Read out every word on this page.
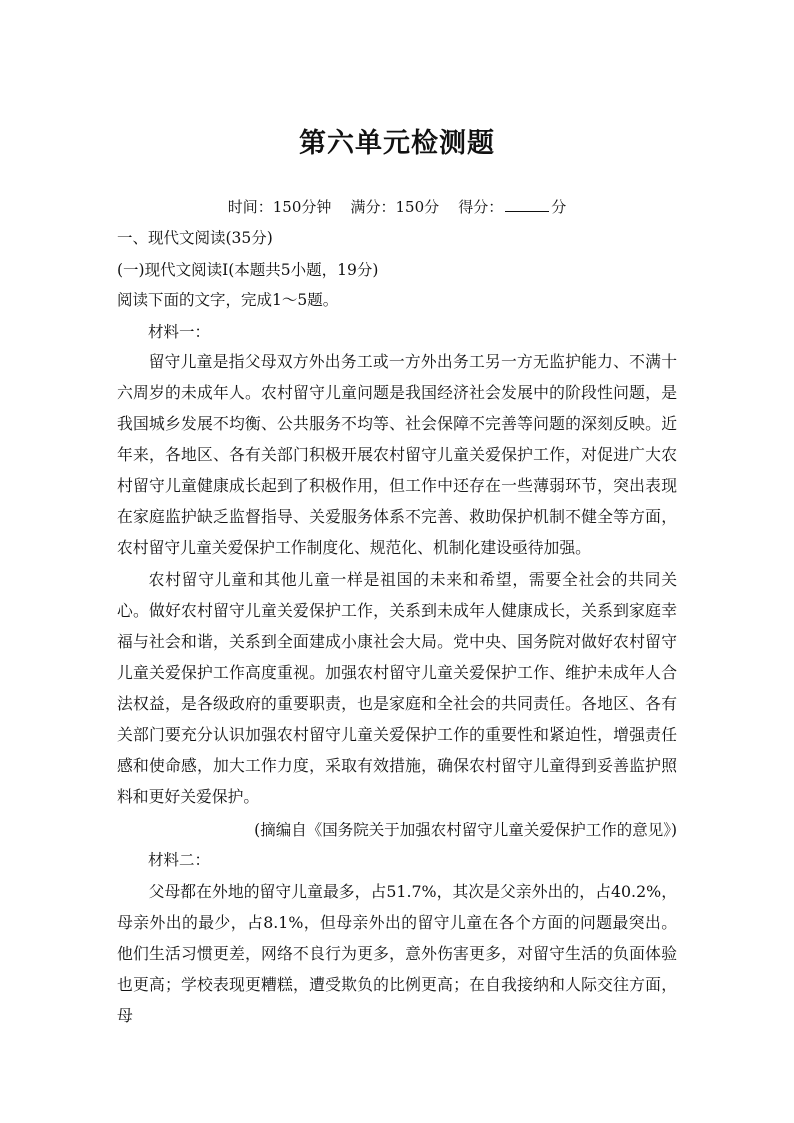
第六单元检测题
时间：150分钟 满分：150分 得分：	分
一、现代文阅读(35分)
(一)现代文阅读Ⅰ(本题共5小题，19分)
阅读下面的文字，完成1～5题。
材料一：

留守儿童是指父母双方外出务工或一方外出务工另一方无监护能力、不满十六周岁的未成年人。农村留守儿童问题是我国经济社会发展中的阶段性问题，是我国城乡发展不均衡、公共服务不均等、社会保障不完善等问题的深刻反映。近年来，各地区、各有关部门积极开展农村留守儿童关爱保护工作，对促进广大农村留守儿童健康成长起到了积极作用，但工作中还存在一些薄弱环节，突出表现在家庭监护缺乏监督指导、关爱服务体系不完善、救助保护机制不健全等方面，农村留守儿童关爱保护工作制度化、规范化、机制化建设亟待加强。

农村留守儿童和其他儿童一样是祖国的未来和希望，需要全社会的共同关心。做好农村留守儿童关爱保护工作，关系到未成年人健康成长，关系到家庭幸福与社会和谐，关系到全面建成小康社会大局。党中央、国务院对做好农村留守儿童关爱保护工作高度重视。加强农村留守儿童关爱保护工作、维护未成年人合法权益，是各级政府的重要职责，也是家庭和全社会的共同责任。各地区、各有关部门要充分认识加强农村留守儿童关爱保护工作的重要性和紧迫性，增强责任感和使命感，加大工作力度，采取有效措施，确保农村留守儿童得到妥善监护照料和更好关爱保护。

(摘编自《国务院关于加强农村留守儿童关爱保护工作的意见》)
材料二：

父母都在外地的留守儿童最多，占51.7%，其次是父亲外出的，占40.2%，母亲外出的最少，占8.1%，但母亲外出的留守儿童在各个方面的问题最突出。他们生活习惯更差，网络不良行为更多，意外伤害更多，对留守生活的负面体验也更高；学校表现更糟糕，遭受欺负的比例更高；在自我接纳和人际交往方面，母
